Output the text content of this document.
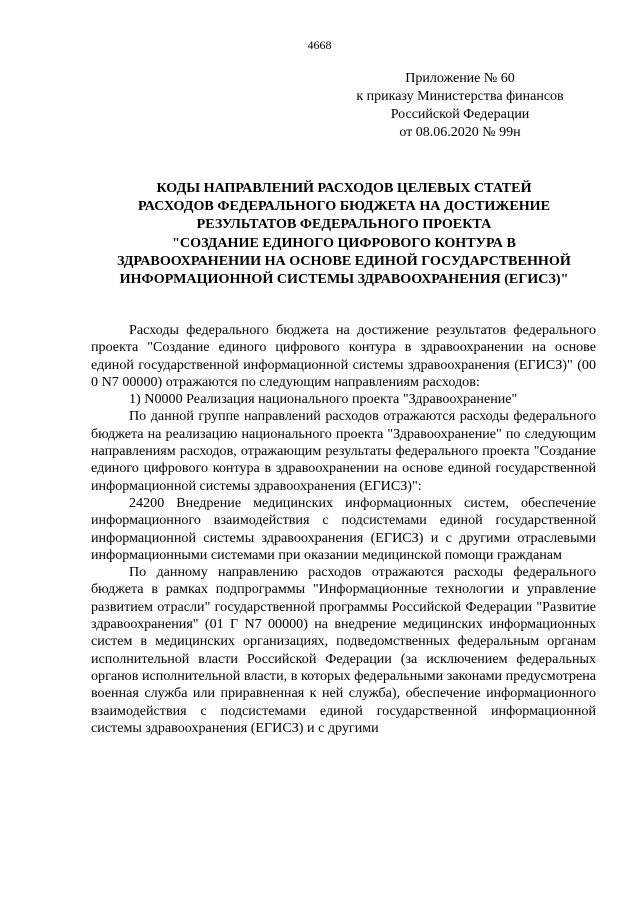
4668
Приложение № 60
к приказу Министерства финансов
Российской Федерации
от 08.06.2020 № 99н
КОДЫ НАПРАВЛЕНИЙ РАСХОДОВ ЦЕЛЕВЫХ СТАТЕЙ
РАСХОДОВ ФЕДЕРАЛЬНОГО БЮДЖЕТА НА ДОСТИЖЕНИЕ
РЕЗУЛЬТАТОВ ФЕДЕРАЛЬНОГО ПРОЕКТА
"СОЗДАНИЕ ЕДИНОГО ЦИФРОВОГО КОНТУРА В
ЗДРАВООХРАНЕНИИ НА ОСНОВЕ ЕДИНОЙ ГОСУДАРСТВЕННОЙ
ИНФОРМАЦИОННОЙ СИСТЕМЫ ЗДРАВООХРАНЕНИЯ (ЕГИСЗ)"

Расходы федерального бюджета на достижение результатов федерального проекта "Создание единого цифрового контура в здравоохранении на основе единой государственной информационной системы здравоохранения (ЕГИСЗ)" (00 0 N7 00000) отражаются по следующим направлениям расходов:

1) N0000 Реализация национального проекта "Здравоохранение"

По данной группе направлений расходов отражаются расходы федерального бюджета на реализацию национального проекта "Здравоохранение" по следующим направлениям расходов, отражающим результаты федерального проекта "Создание единого цифрового контура в здравоохранении на основе единой государственной информационной системы здравоохранения (ЕГИСЗ)":

24200 Внедрение медицинских информационных систем, обеспечение информационного взаимодействия с подсистемами единой государственной информационной системы здравоохранения (ЕГИСЗ) и с другими отраслевыми информационными системами при оказании медицинской помощи гражданам

По данному направлению расходов отражаются расходы федерального бюджета в рамках подпрограммы "Информационные технологии и управление развитием отрасли" государственной программы Российской Федерации "Развитие здравоохранения" (01 Г N7 00000) на внедрение медицинских информационных систем в медицинских организациях, подведомственных федеральным органам исполнительной власти Российской Федерации (за исключением федеральных органов исполнительной власти, в которых федеральными законами предусмотрена военная служба или приравненная к ней служба), обеспечение информационного взаимодействия с подсистемами единой государственной информационной системы здравоохранения (ЕГИСЗ) и с другими
